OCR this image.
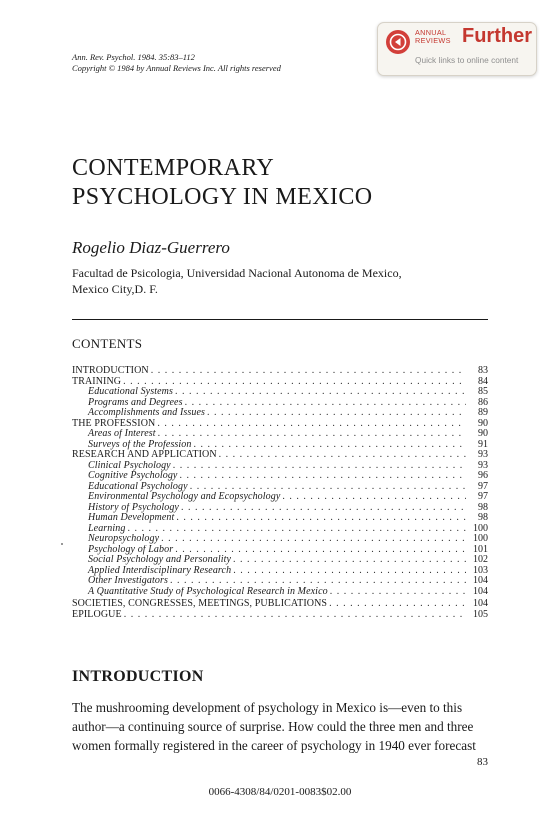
Ann. Rev. Psychol. 1984. 35:83–112
Copyright © 1984 by Annual Reviews Inc. All rights reserved
ANNUAL
REVIEWS Further
Quick links to online content
CONTEMPORARY
PSYCHOLOGY IN MEXICO
Rogelio Diaz-Guerrero
Facultad de Psicologia, Universidad Nacional Autonoma de Mexico,
Mexico City,D. F.
CONTENTS
INTRODUCTION . . .	83
TRAINING . . .	84
Educational Systems . . .	85
Programs and Degrees . . .	86
Accomplishments and Issues . . .	89
THE PROFESSION . . .	90
Areas of Interest . . .	90
Surveys of the Profession . . .	91
RESEARCH AND APPLICATION . . .	93
Clinical Psychology . . .	93
Cognitive Psychology . . .	96
Educational Psychology . . .	97
Environmental Psychology and Ecopsychology . . .	97
History of Psychology . . .	98
Human Development . . .	98
Learning . . .	100
Neuropsychology . . .	100
Psychology of Labor . . .	101
Social Psychology and Personality . . .	102
Applied Interdisciplinary Research . . .	103
Other Investigators . . .	104
A Quantitative Study of Psychological Research in Mexico . . .	104
SOCIETIES, CONGRESSES, MEETINGS, PUBLICATIONS . . .	104
EPILOGUE . . .	105
INTRODUCTION
The mushrooming development of psychology in Mexico is—even to this
author—a continuing source of surprise. How could the three men and three
women formally registered in the career of psychology in 1940 ever forecast
83
0066-4308/84/0201-0083$02.00
